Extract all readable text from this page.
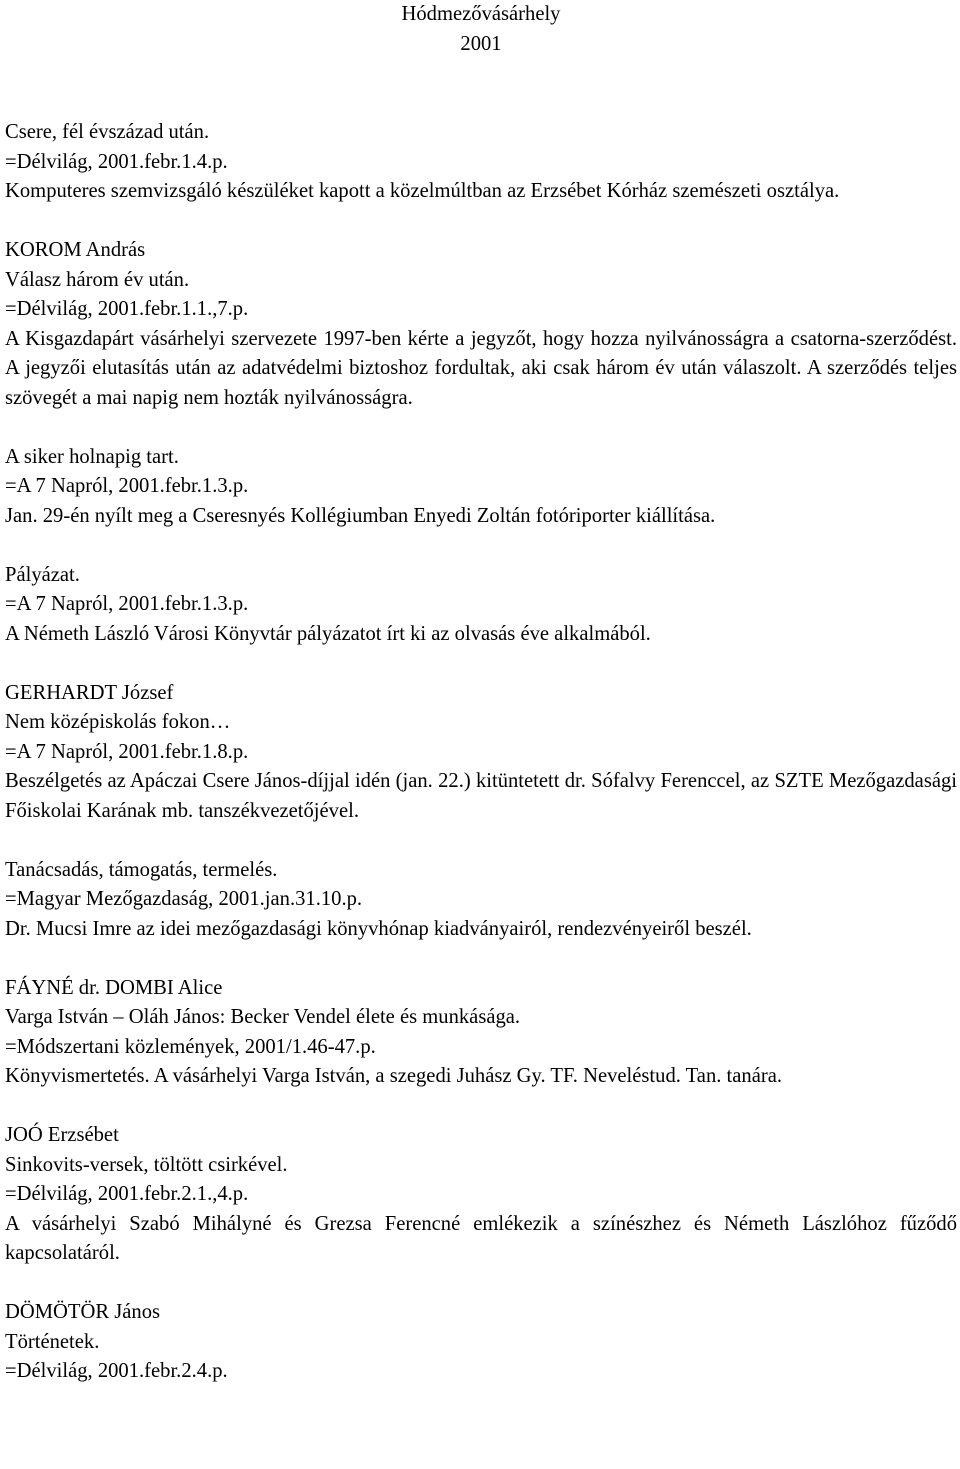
Hódmezővásárhely
2001
Csere, fél évszázad után.
=Délvilág, 2001.febr.1.4.p.
Komputeres szemvizsgáló készüléket kapott a közelmúltban az Erzsébet Kórház szemészeti osztálya.
KOROM András
Válasz három év után.
=Délvilág, 2001.febr.1.1.,7.p.
A Kisgazdapárt vásárhelyi szervezete 1997-ben kérte a jegyzőt, hogy hozza nyilvánosságra a csatorna-szerződést. A jegyzői elutasítás után az adatvédelmi biztoshoz fordultak, aki csak három év után válaszolt. A szerződés teljes szövegét a mai napig nem hozták nyilvánosságra.
A siker holnapig tart.
=A 7 Napról, 2001.febr.1.3.p.
Jan. 29-én nyílt meg a Cseresnyés Kollégiumban Enyedi Zoltán fotóriporter kiállítása.
Pályázat.
=A 7 Napról, 2001.febr.1.3.p.
A Németh László Városi Könyvtár pályázatot írt ki az olvasás éve alkalmából.
GERHARDT József
Nem középiskolás fokon…
=A 7 Napról, 2001.febr.1.8.p.
Beszélgetés az Apáczai Csere János-díjjal idén (jan. 22.) kitüntetett dr. Sófalvy Ferenccel, az SZTE Mezőgazdasági Főiskolai Karának mb. tanszékvezetőjével.
Tanácsadás, támogatás, termelés.
=Magyar Mezőgazdaság, 2001.jan.31.10.p.
Dr. Mucsi Imre az idei mezőgazdasági könyvhónap kiadványairól, rendezvényeiről beszél.
FÁYNÉ dr. DOMBI Alice
Varga István – Oláh János: Becker Vendel élete és munkásága.
=Módszertani közlemények, 2001/1.46-47.p.
Könyvismertetés. A vásárhelyi Varga István, a szegedi Juhász Gy. TF. Neveléstud. Tan. tanára.
JOÓ Erzsébet
Sinkovits-versek, töltött csirkével.
=Délvilág, 2001.febr.2.1.,4.p.
A vásárhelyi Szabó Mihályné és Grezsa Ferencné emlékezik a színészhez és Németh Lászlóhoz fűződő kapcsolatáról.
DÖMÖTÖR János
Történetek.
=Délvilág, 2001.febr.2.4.p.
